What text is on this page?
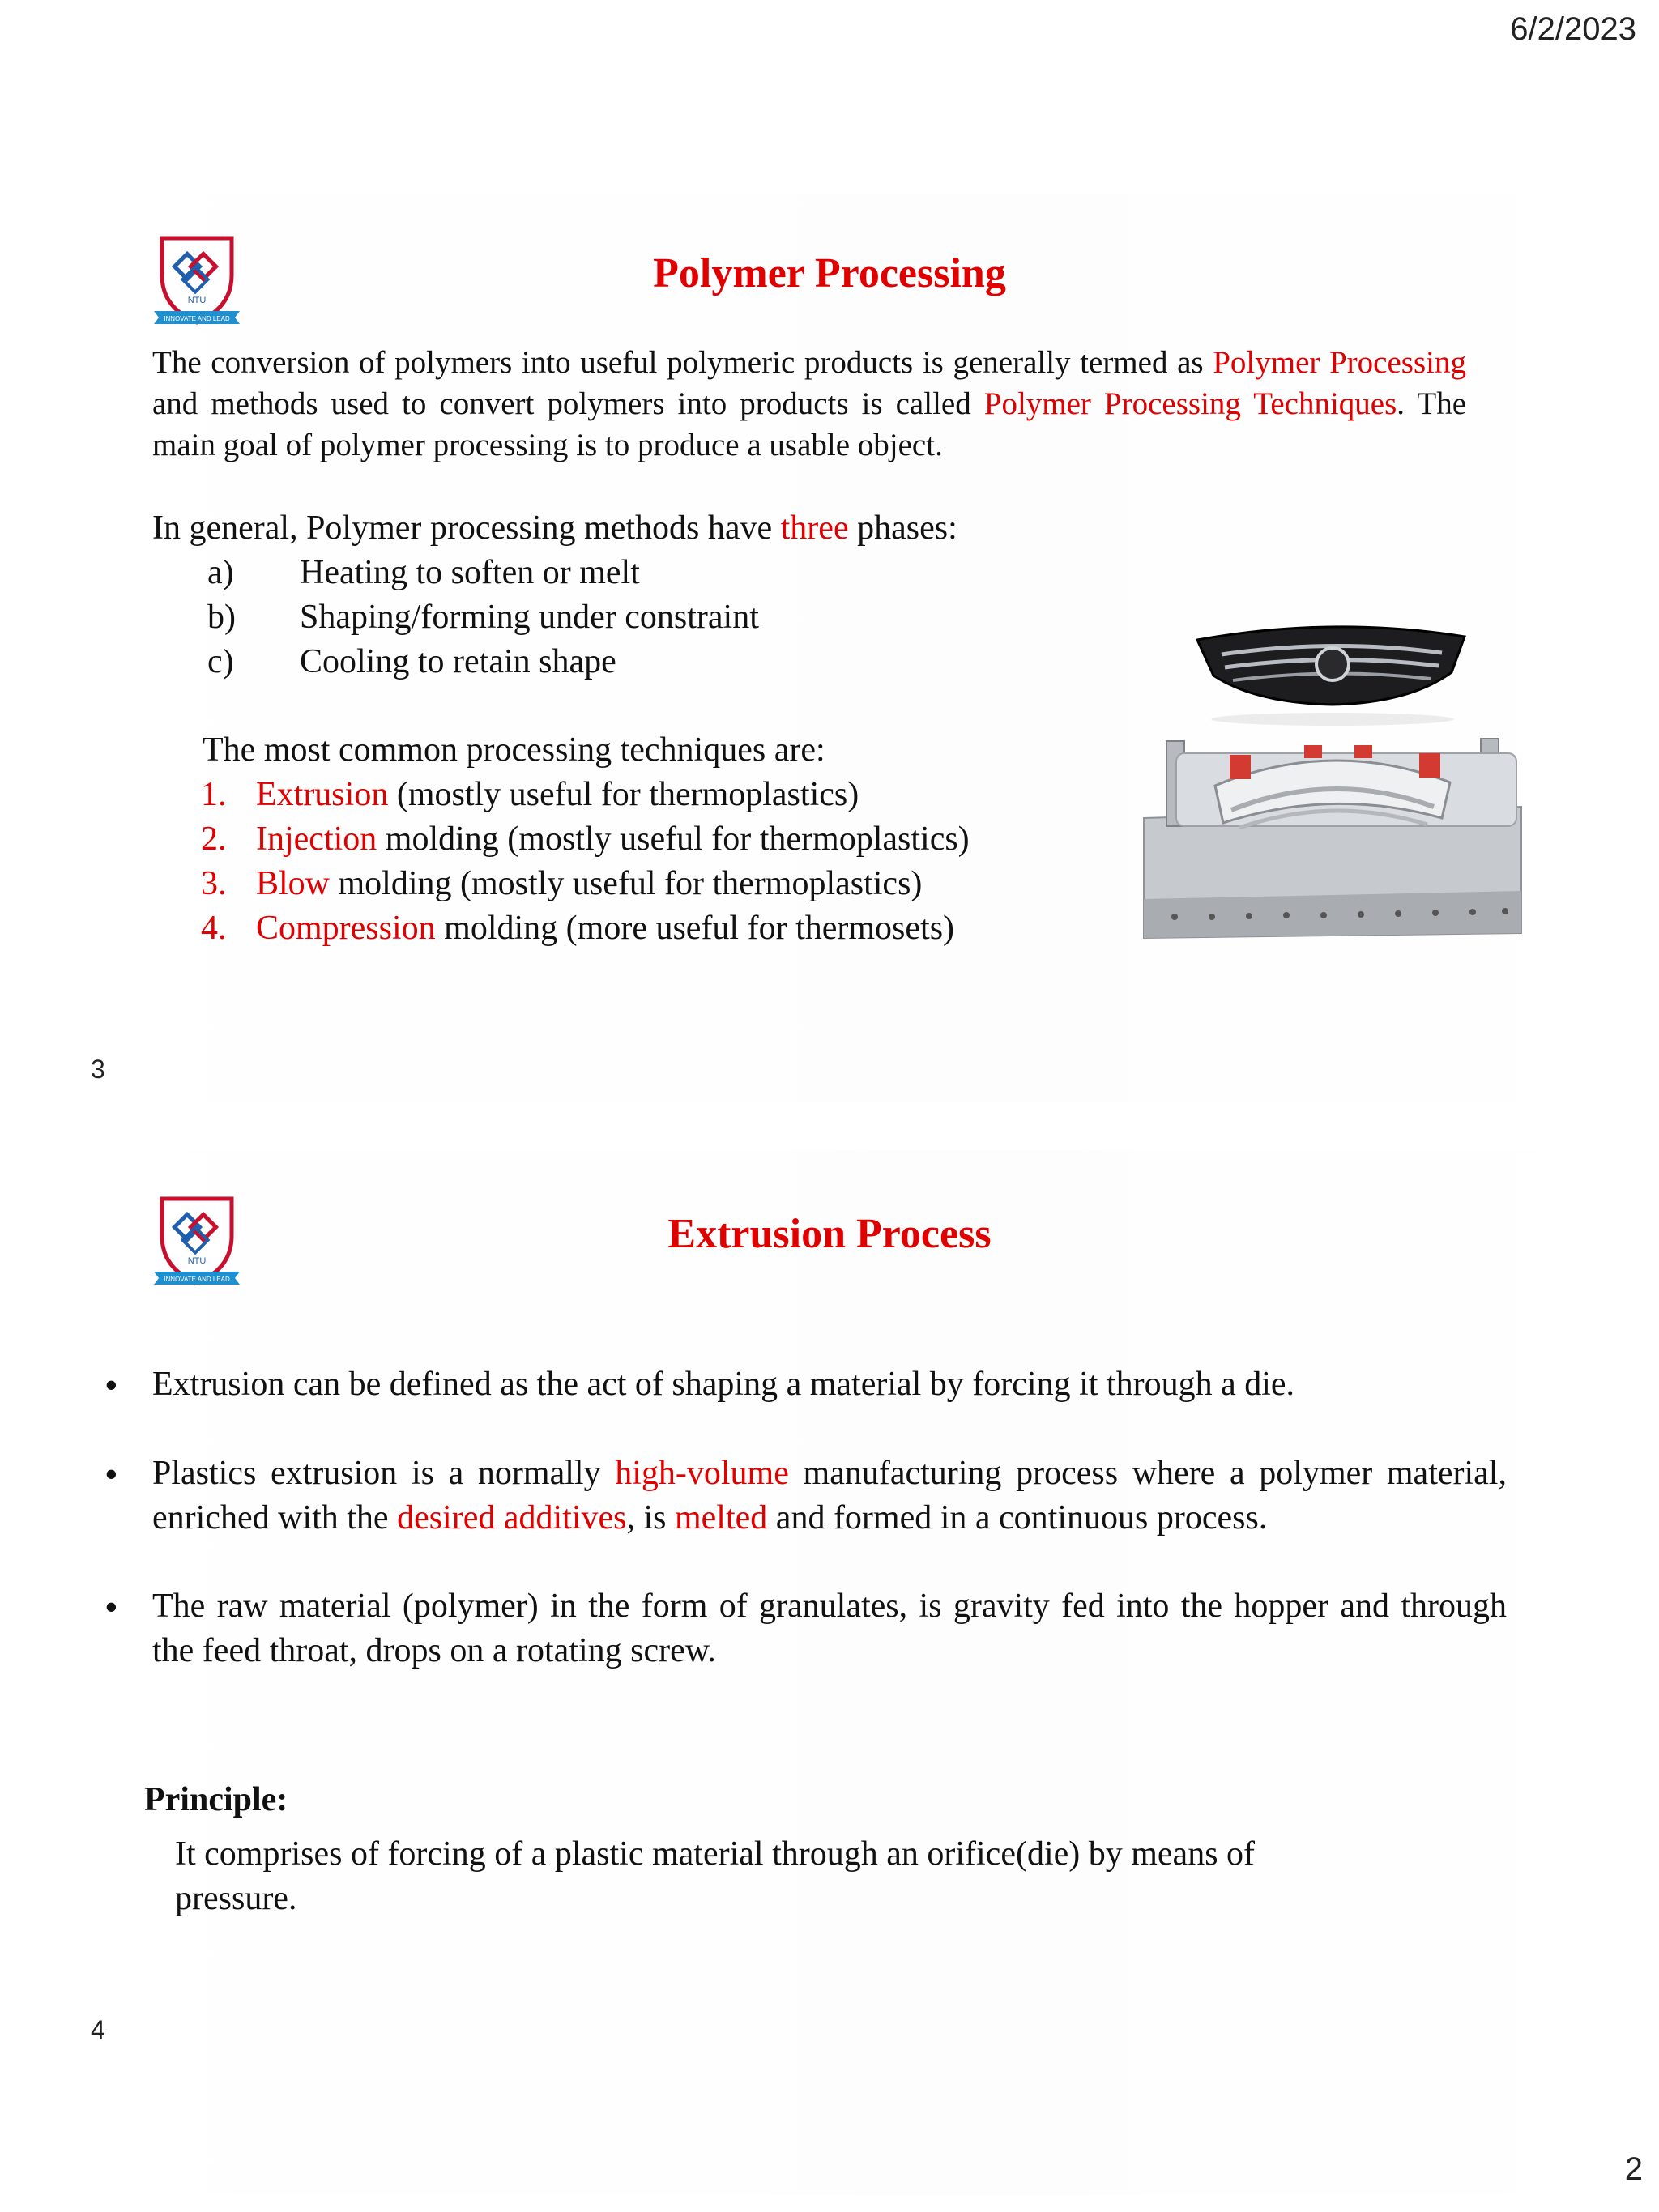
6/2/2023
NTU
INNOVATE AND LEAD
Polymer Processing
The conversion of polymers into useful polymeric products is generally termed as Polymer Processing and methods used to convert polymers into products is called Polymer Processing Techniques. The main goal of polymer processing is to produce a usable object.
In general, Polymer processing methods have three phases:
a) Heating to soften or melt
b) Shaping/forming under constraint
c) Cooling to retain shape
The most common processing techniques are:
1. Extrusion (mostly useful for thermoplastics)
2. Injection molding (mostly useful for thermoplastics)
3. Blow molding (mostly useful for thermoplastics)
4. Compression molding (more useful for thermosets)
3
NTU
INNOVATE AND LEAD
Extrusion Process
•	Extrusion can be defined as the act of shaping a material by forcing it through a die.
•	Plastics extrusion is a normally high-volume manufacturing process where a polymer material, enriched with the desired additives, is melted and formed in a continuous process.
•	The raw material (polymer) in the form of granulates, is gravity fed into the hopper and through the feed throat, drops on a rotating screw.
Principle:
It comprises of forcing of a plastic material through an orifice(die) by means of pressure.
4
2
